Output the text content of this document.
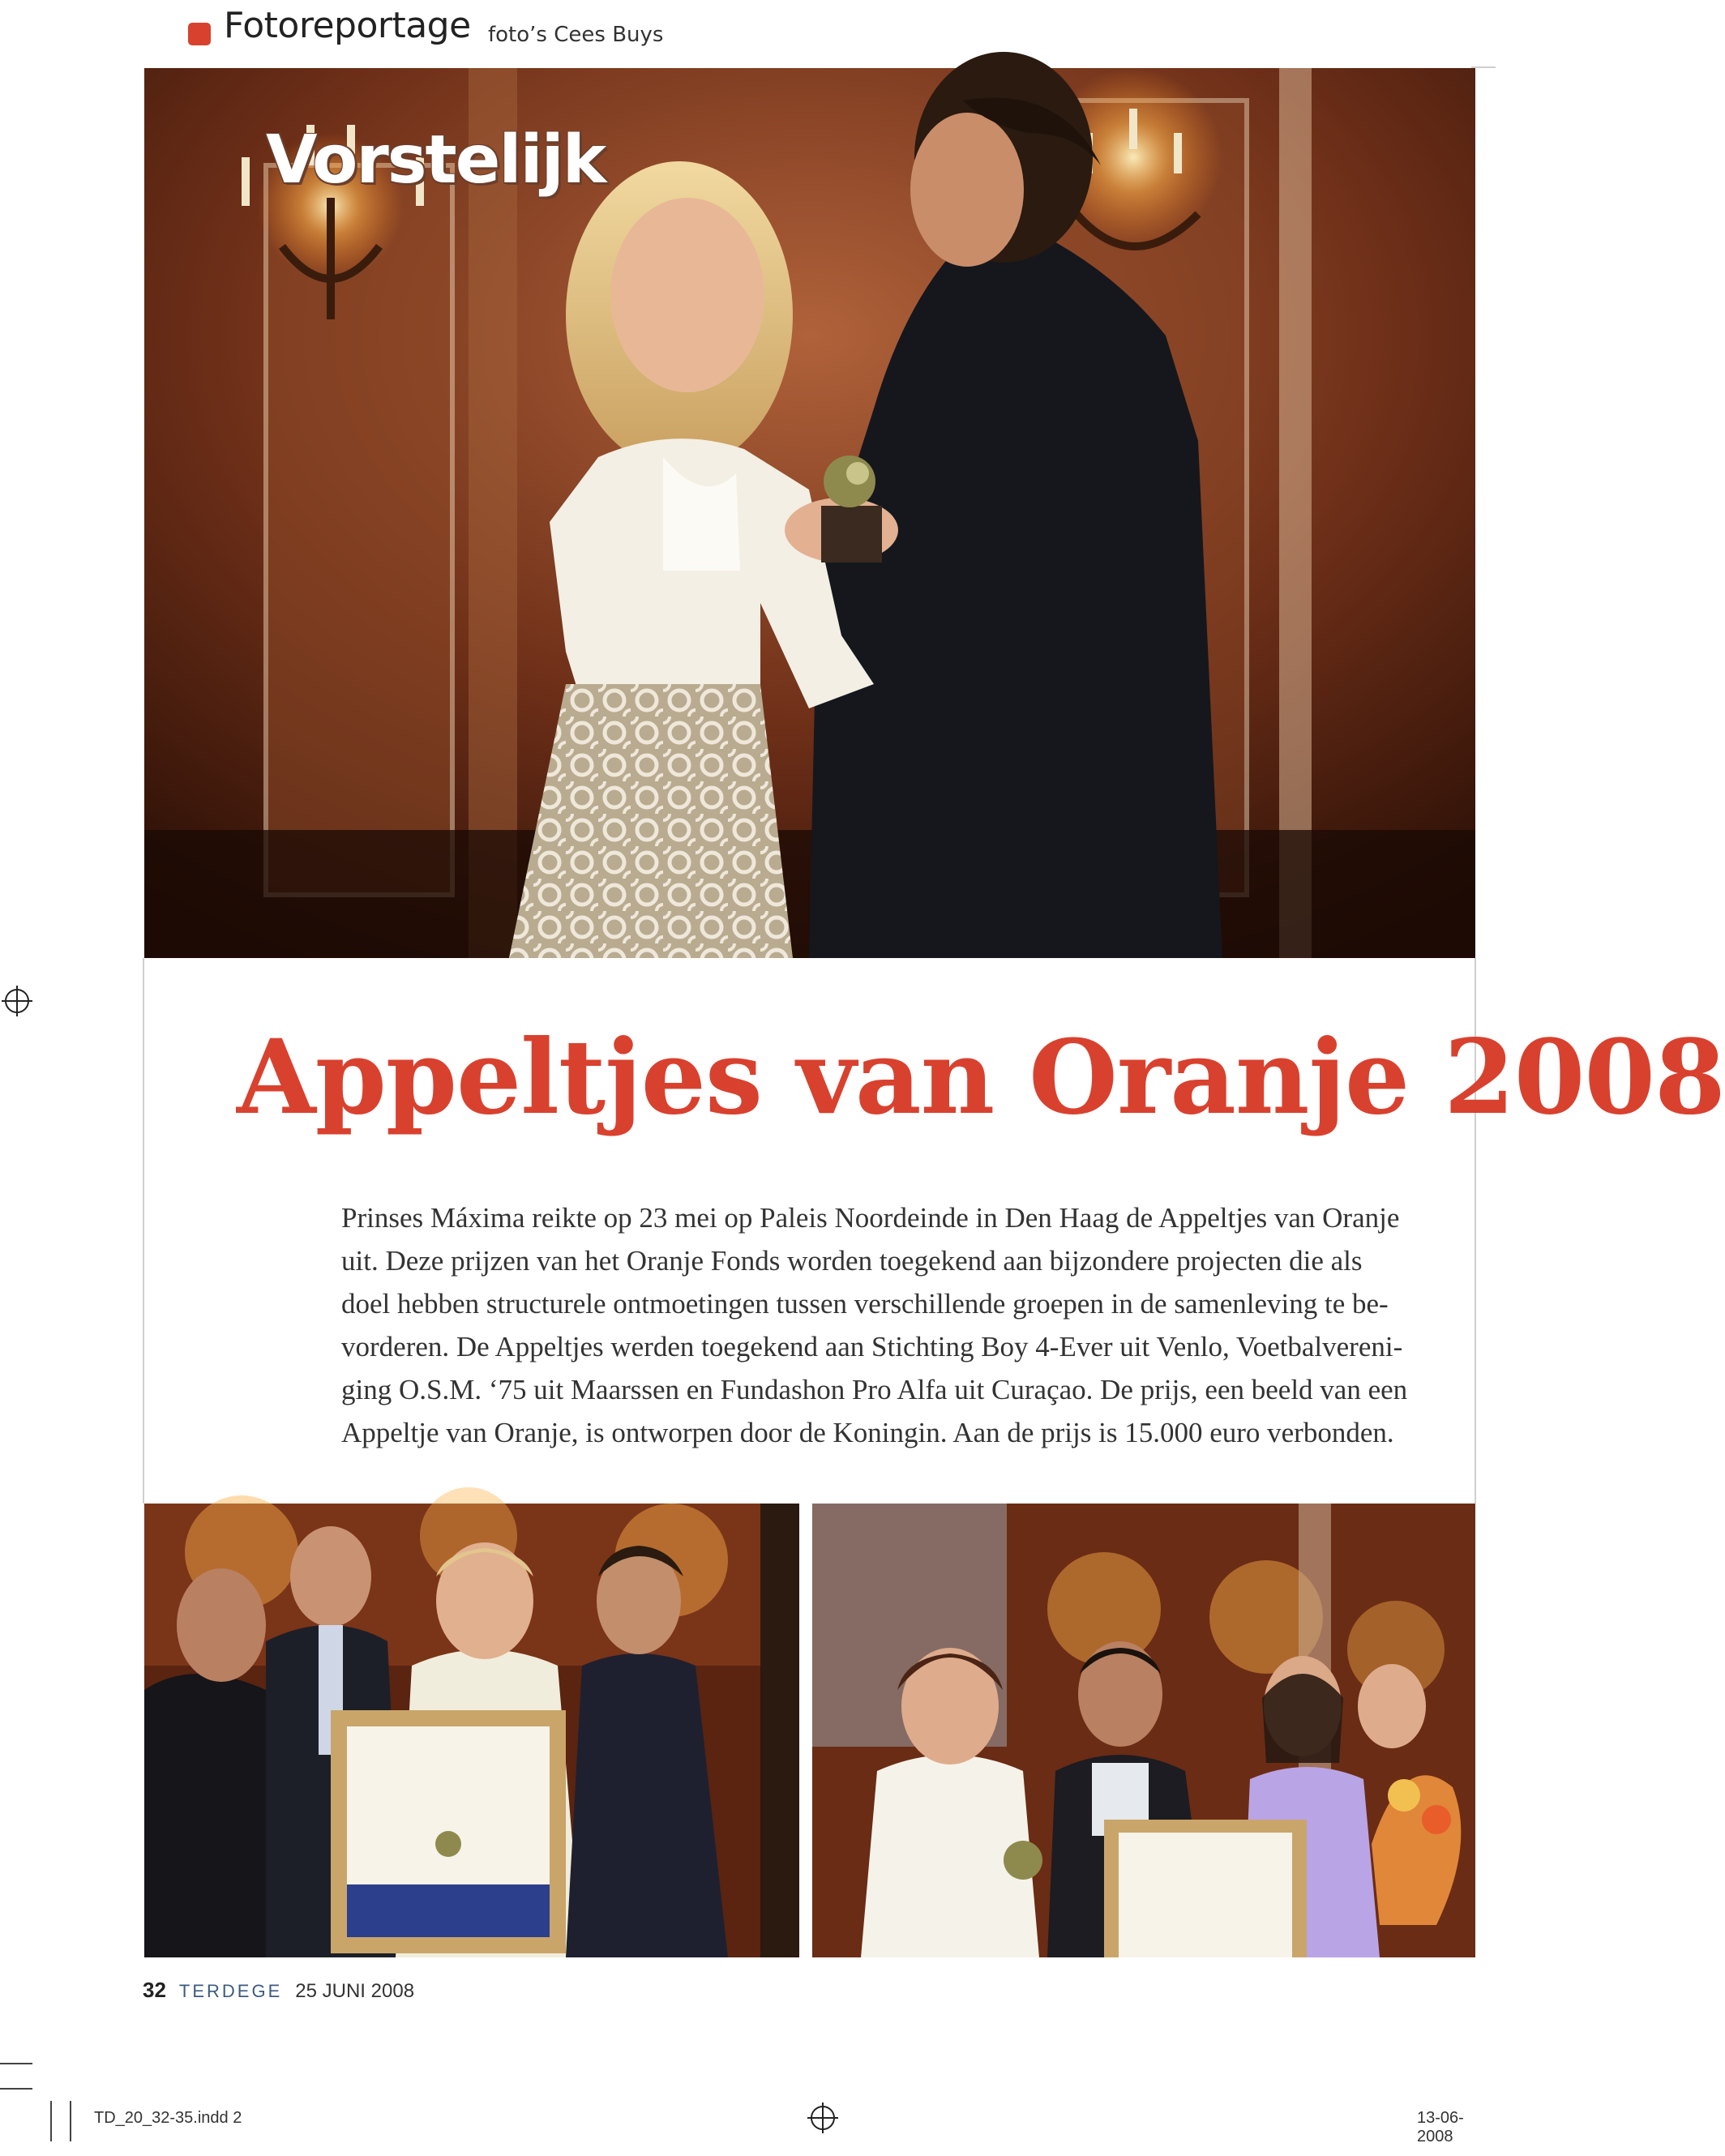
Fotoreportage foto’s Cees Buys
Vorstelijk
Appeltjes van Oranje 2008

Prinses Máxima reikte op 23 mei op Paleis Noordeinde in Den Haag de Appeltjes van Oranje
uit. Deze prijzen van het Oranje Fonds worden toegekend aan bijzondere projecten die als
doel hebben structurele ontmoetingen tussen verschillende groepen in de samenleving te be-
vorderen. De Appeltjes werden toegekend aan Stichting Boy 4-Ever uit Venlo, Voetbalvereni-
ging O.S.M. ‘75 uit Maarssen en Fundashon Pro Alfa uit Curaçao. De prijs, een beeld van een
Appeltje van Oranje, is ontworpen door de Koningin. Aan de prijs is 15.000 euro verbonden.

32 TERDEGE 25 JUNI 2008
TD_20_32-35.indd 2	13-06-2008
